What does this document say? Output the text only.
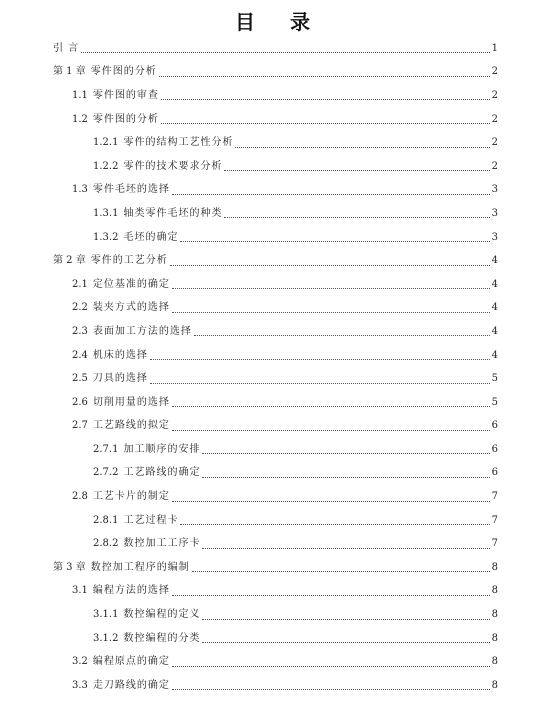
目 录
引 言	1
第 1 章 零件图的分析	2
1.1 零件图的审查	2
1.2 零件图的分析	2
1.2.1 零件的结构工艺性分析	2
1.2.2 零件的技术要求分析	2
1.3 零件毛坯的选择	3
1.3.1 轴类零件毛坯的种类	3
1.3.2 毛坯的确定	3
第 2 章 零件的工艺分析	4
2.1 定位基准的确定	4
2.2 装夹方式的选择	4
2.3 表面加工方法的选择	4
2.4 机床的选择	4
2.5 刀具的选择	5
2.6 切削用量的选择	5
2.7 工艺路线的拟定	6
2.7.1 加工顺序的安排	6
2.7.2 工艺路线的确定	6
2.8 工艺卡片的制定	7
2.8.1 工艺过程卡	7
2.8.2 数控加工工序卡	7
第 3 章 数控加工程序的编制	8
3.1 编程方法的选择	8
3.1.1 数控编程的定义	8
3.1.2 数控编程的分类	8
3.2 编程原点的确定	8
3.3 走刀路线的确定	8
